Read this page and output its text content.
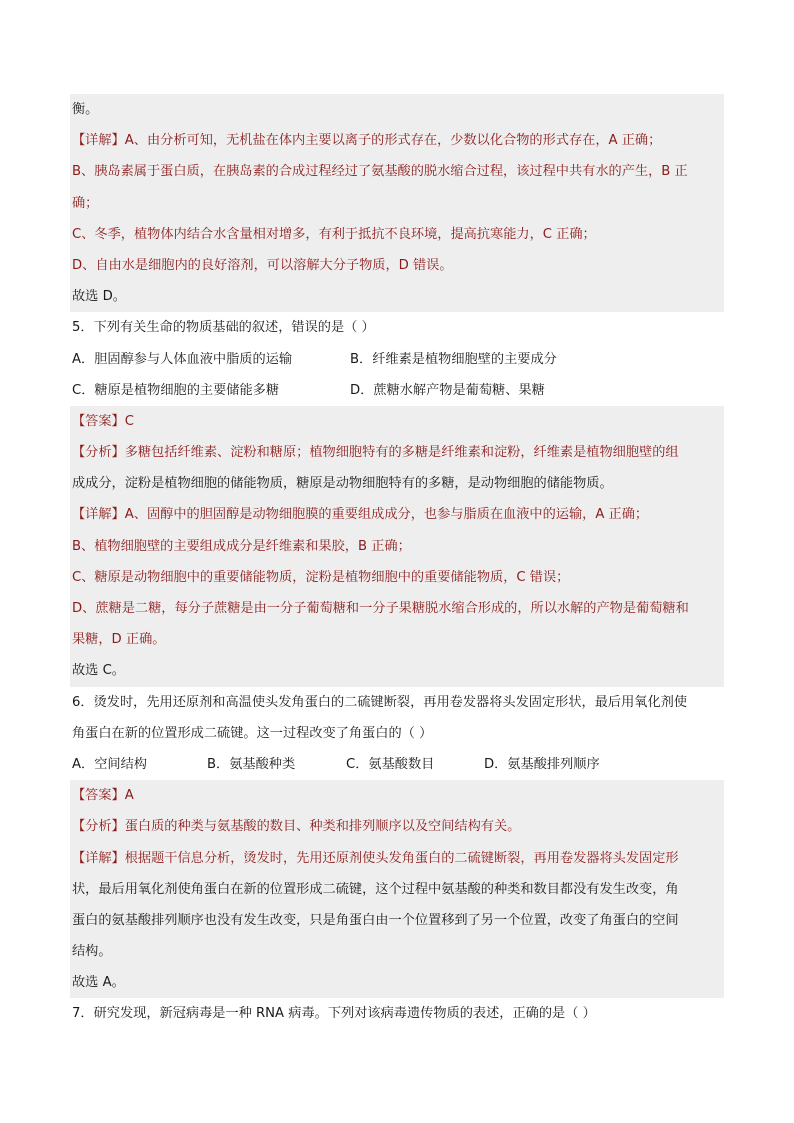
衡。
【详解】A、由分析可知，无机盐在体内主要以离子的形式存在，少数以化合物的形式存在，A 正确；
B、胰岛素属于蛋白质，在胰岛素的合成过程经过了氨基酸的脱水缩合过程，该过程中共有水的产生，B 正
确；
C、冬季，植物体内结合水含量相对增多，有利于抵抗不良环境，提高抗寒能力，C 正确；
D、自由水是细胞内的良好溶剂，可以溶解大分子物质，D 错误。
故选 D。
5．下列有关生命的物质基础的叙述，错误的是（ ）
A．胆固醇参与人体血液中脂质的运输	B．纤维素是植物细胞壁的主要成分
C．糖原是植物细胞的主要储能多糖	D．蔗糖水解产物是葡萄糖、果糖
【答案】C
【分析】多糖包括纤维素、淀粉和糖原；植物细胞特有的多糖是纤维素和淀粉，纤维素是植物细胞壁的组
成成分，淀粉是植物细胞的储能物质，糖原是动物细胞特有的多糖，是动物细胞的储能物质。
【详解】A、固醇中的胆固醇是动物细胞膜的重要组成成分，也参与脂质在血液中的运输，A 正确；
B、植物细胞壁的主要组成成分是纤维素和果胶，B 正确；
C、糖原是动物细胞中的重要储能物质，淀粉是植物细胞中的重要储能物质，C 错误；
D、蔗糖是二糖，每分子蔗糖是由一分子葡萄糖和一分子果糖脱水缩合形成的，所以水解的产物是葡萄糖和
果糖，D 正确。
故选 C。
6．烫发时，先用还原剂和高温使头发角蛋白的二硫键断裂，再用卷发器将头发固定形状，最后用氧化剂使
角蛋白在新的位置形成二硫键。这一过程改变了角蛋白的（ ）
A．空间结构	B．氨基酸种类	C．氨基酸数目	D．氨基酸排列顺序
【答案】A
【分析】蛋白质的种类与氨基酸的数目、种类和排列顺序以及空间结构有关。
【详解】根据题干信息分析，烫发时，先用还原剂使头发角蛋白的二硫键断裂，再用卷发器将头发固定形
状，最后用氧化剂使角蛋白在新的位置形成二硫键，这个过程中氨基酸的种类和数目都没有发生改变，角
蛋白的氨基酸排列顺序也没有发生改变，只是角蛋白由一个位置移到了另一个位置，改变了角蛋白的空间
结构。
故选 A。
7．研究发现，新冠病毒是一种 RNA 病毒。下列对该病毒遗传物质的表述，正确的是（ ）
